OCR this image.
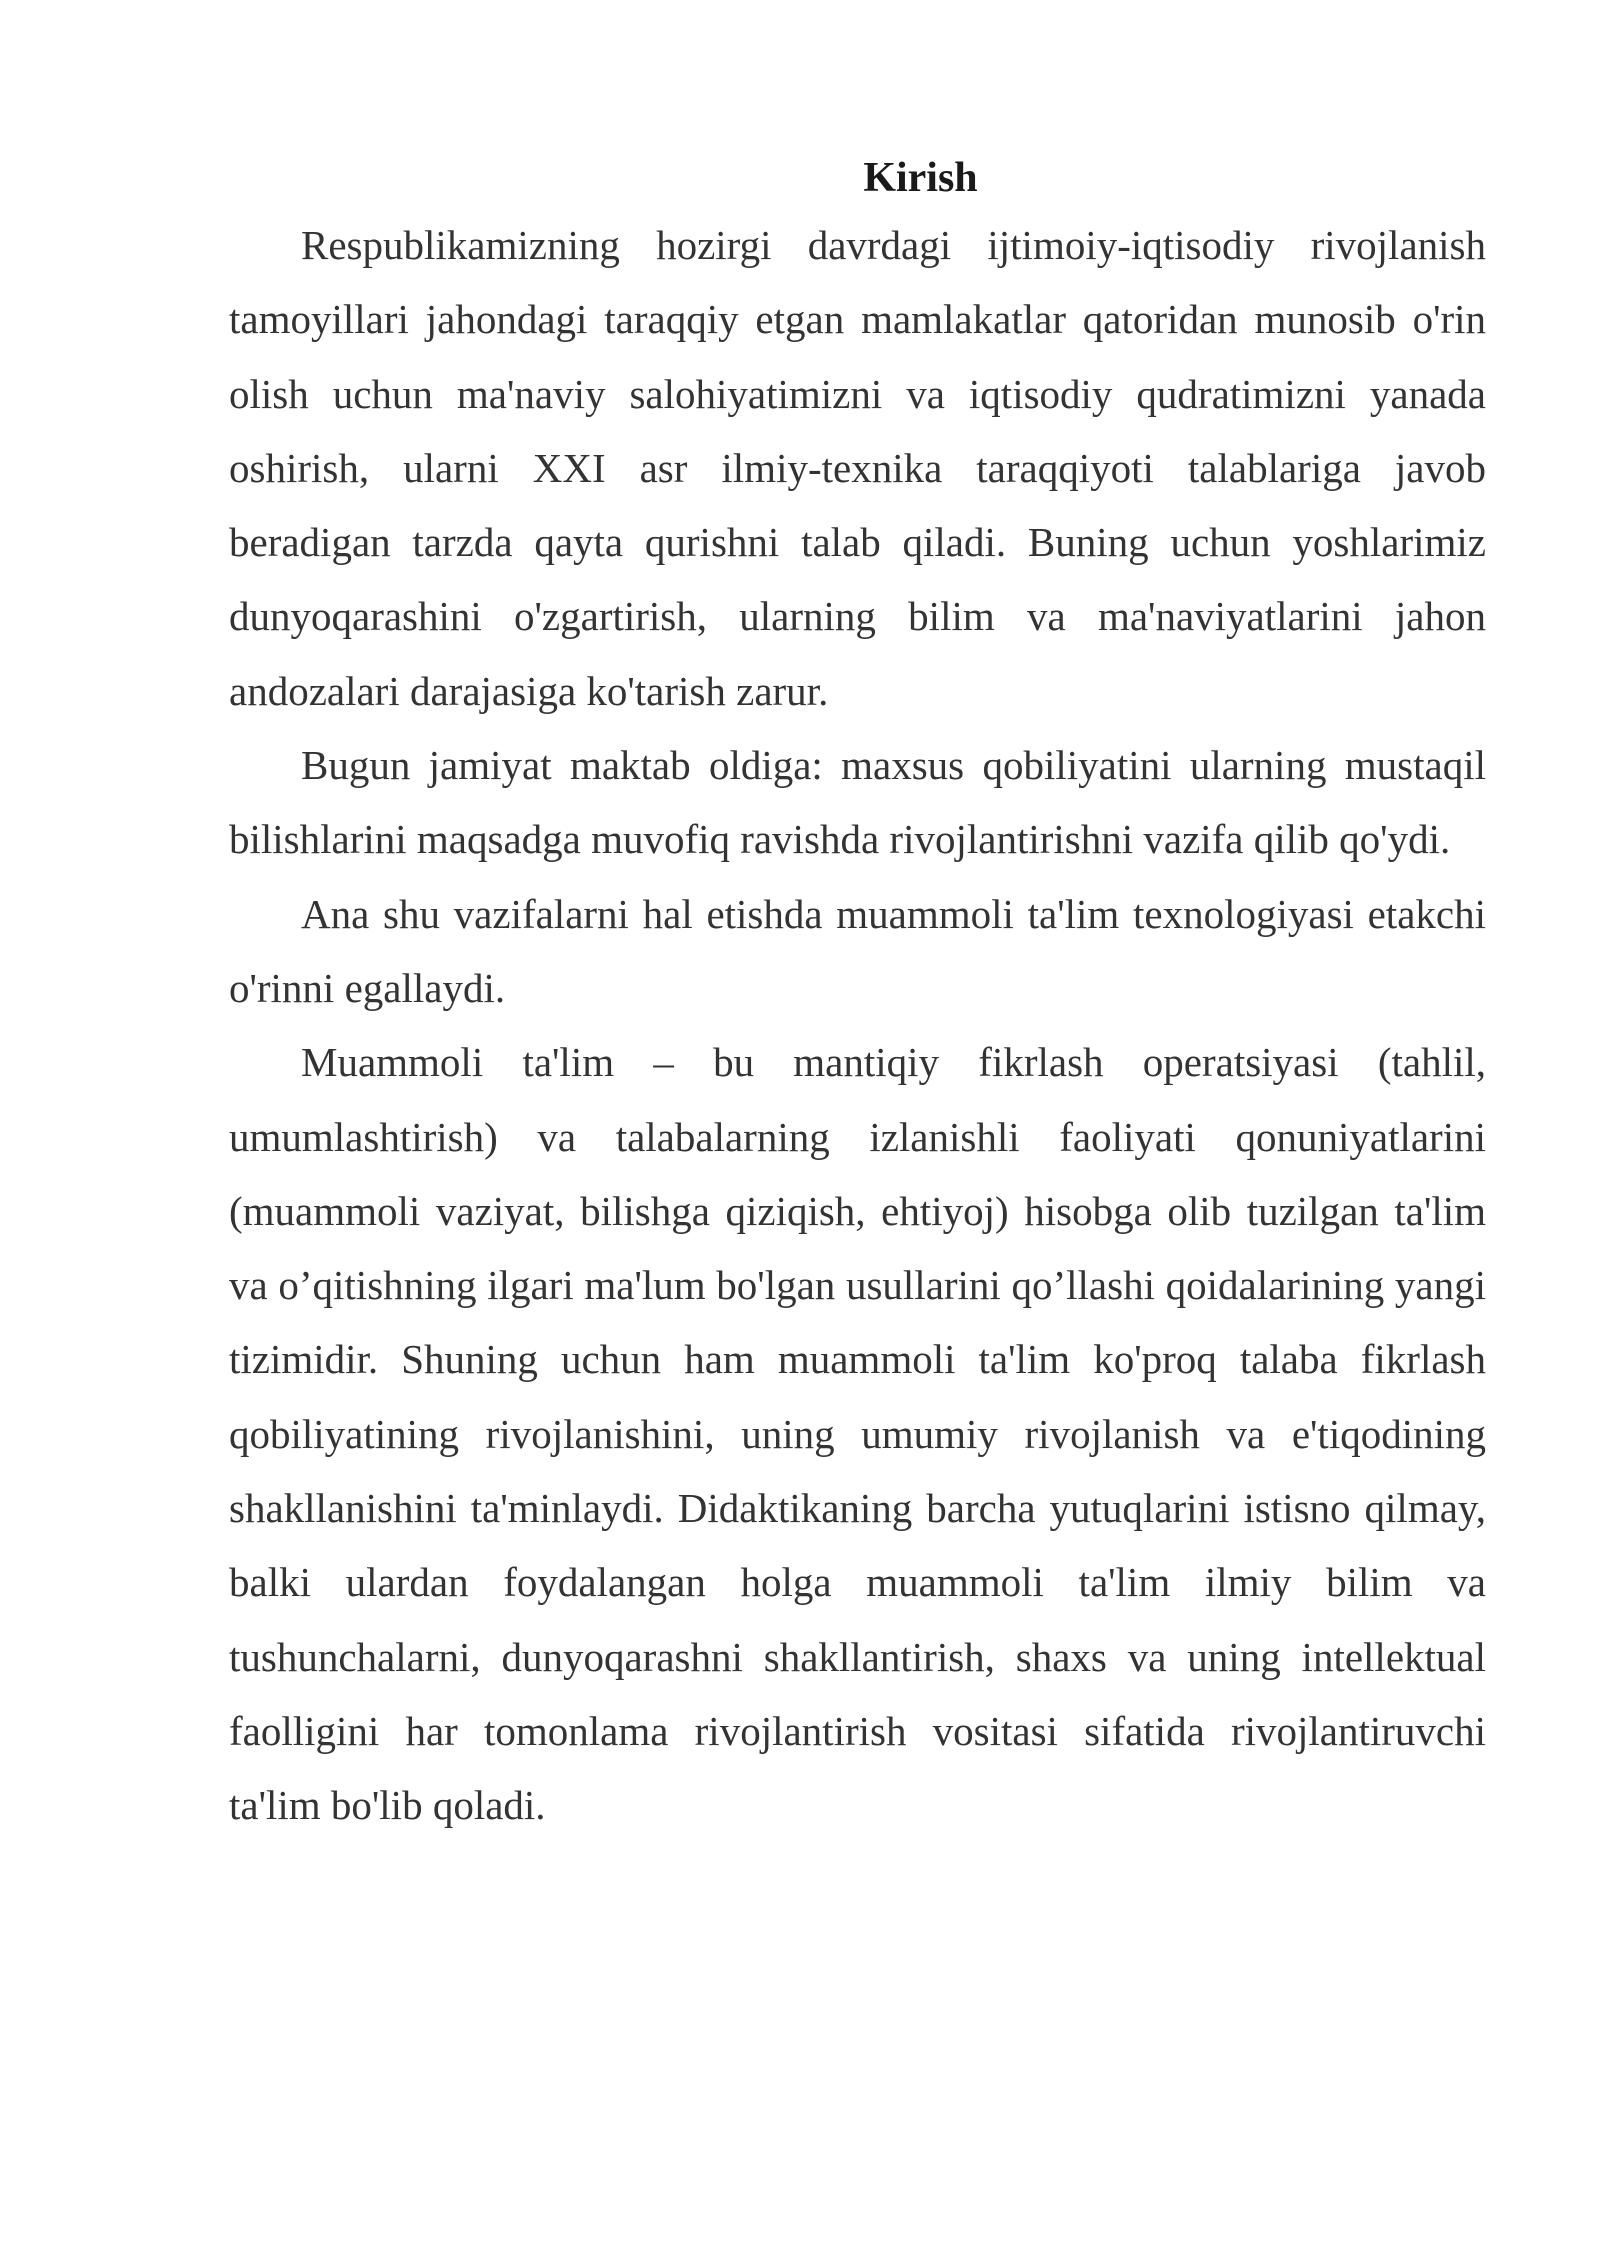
Kirish

Respublikamizning hozirgi davrdagi ijtimoiy-iqtisodiy rivojlanish tamoyillari jahondagi taraqqiy etgan mamlakatlar qatoridan munosib o'rin olish uchun ma'naviy salohiyatimizni va iqtisodiy qudratimizni yanada oshirish, ularni XXI asr ilmiy-texnika taraqqiyoti talablariga javob beradigan tarzda qayta qurishni talab qiladi. Buning uchun yoshlarimiz dunyoqarashini o'zgartirish, ularning bilim va ma'naviyatlarini jahon andozalari darajasiga ko'tarish zarur.

Bugun jamiyat maktab oldiga: maxsus qobiliyatini ularning mustaqil bilishlarini maqsadga muvofiq ravishda rivojlantirishni vazifa qilib qo'ydi.

Ana shu vazifalarni hal etishda muammoli ta'lim texnologiyasi etakchi o'rinni egallaydi.

Muammoli ta'lim – bu mantiqiy fikrlash operatsiyasi (tahlil, umumlashtirish) va talabalarning izlanishli faoliyati qonuniyatlarini (muammoli vaziyat, bilishga qiziqish, ehtiyoj) hisobga olib tuzilgan ta'lim va o’qitishning ilgari ma'lum bo'lgan usullarini qo’llashi qoidalarining yangi tizimidir. Shuning uchun ham muammoli ta'lim ko'proq talaba fikrlash qobiliyatining rivojlanishini, uning umumiy rivojlanish va e'tiqodining shakllanishini ta'minlaydi. Didaktikaning barcha yutuqlarini istisno qilmay, balki ulardan foydalangan holga muammoli ta'lim ilmiy bilim va tushunchalarni, dunyoqarashni shakllantirish, shaxs va uning intellektual faolligini har tomonlama rivojlantirish vositasi sifatida rivojlantiruvchi ta'lim bo'lib qoladi.
